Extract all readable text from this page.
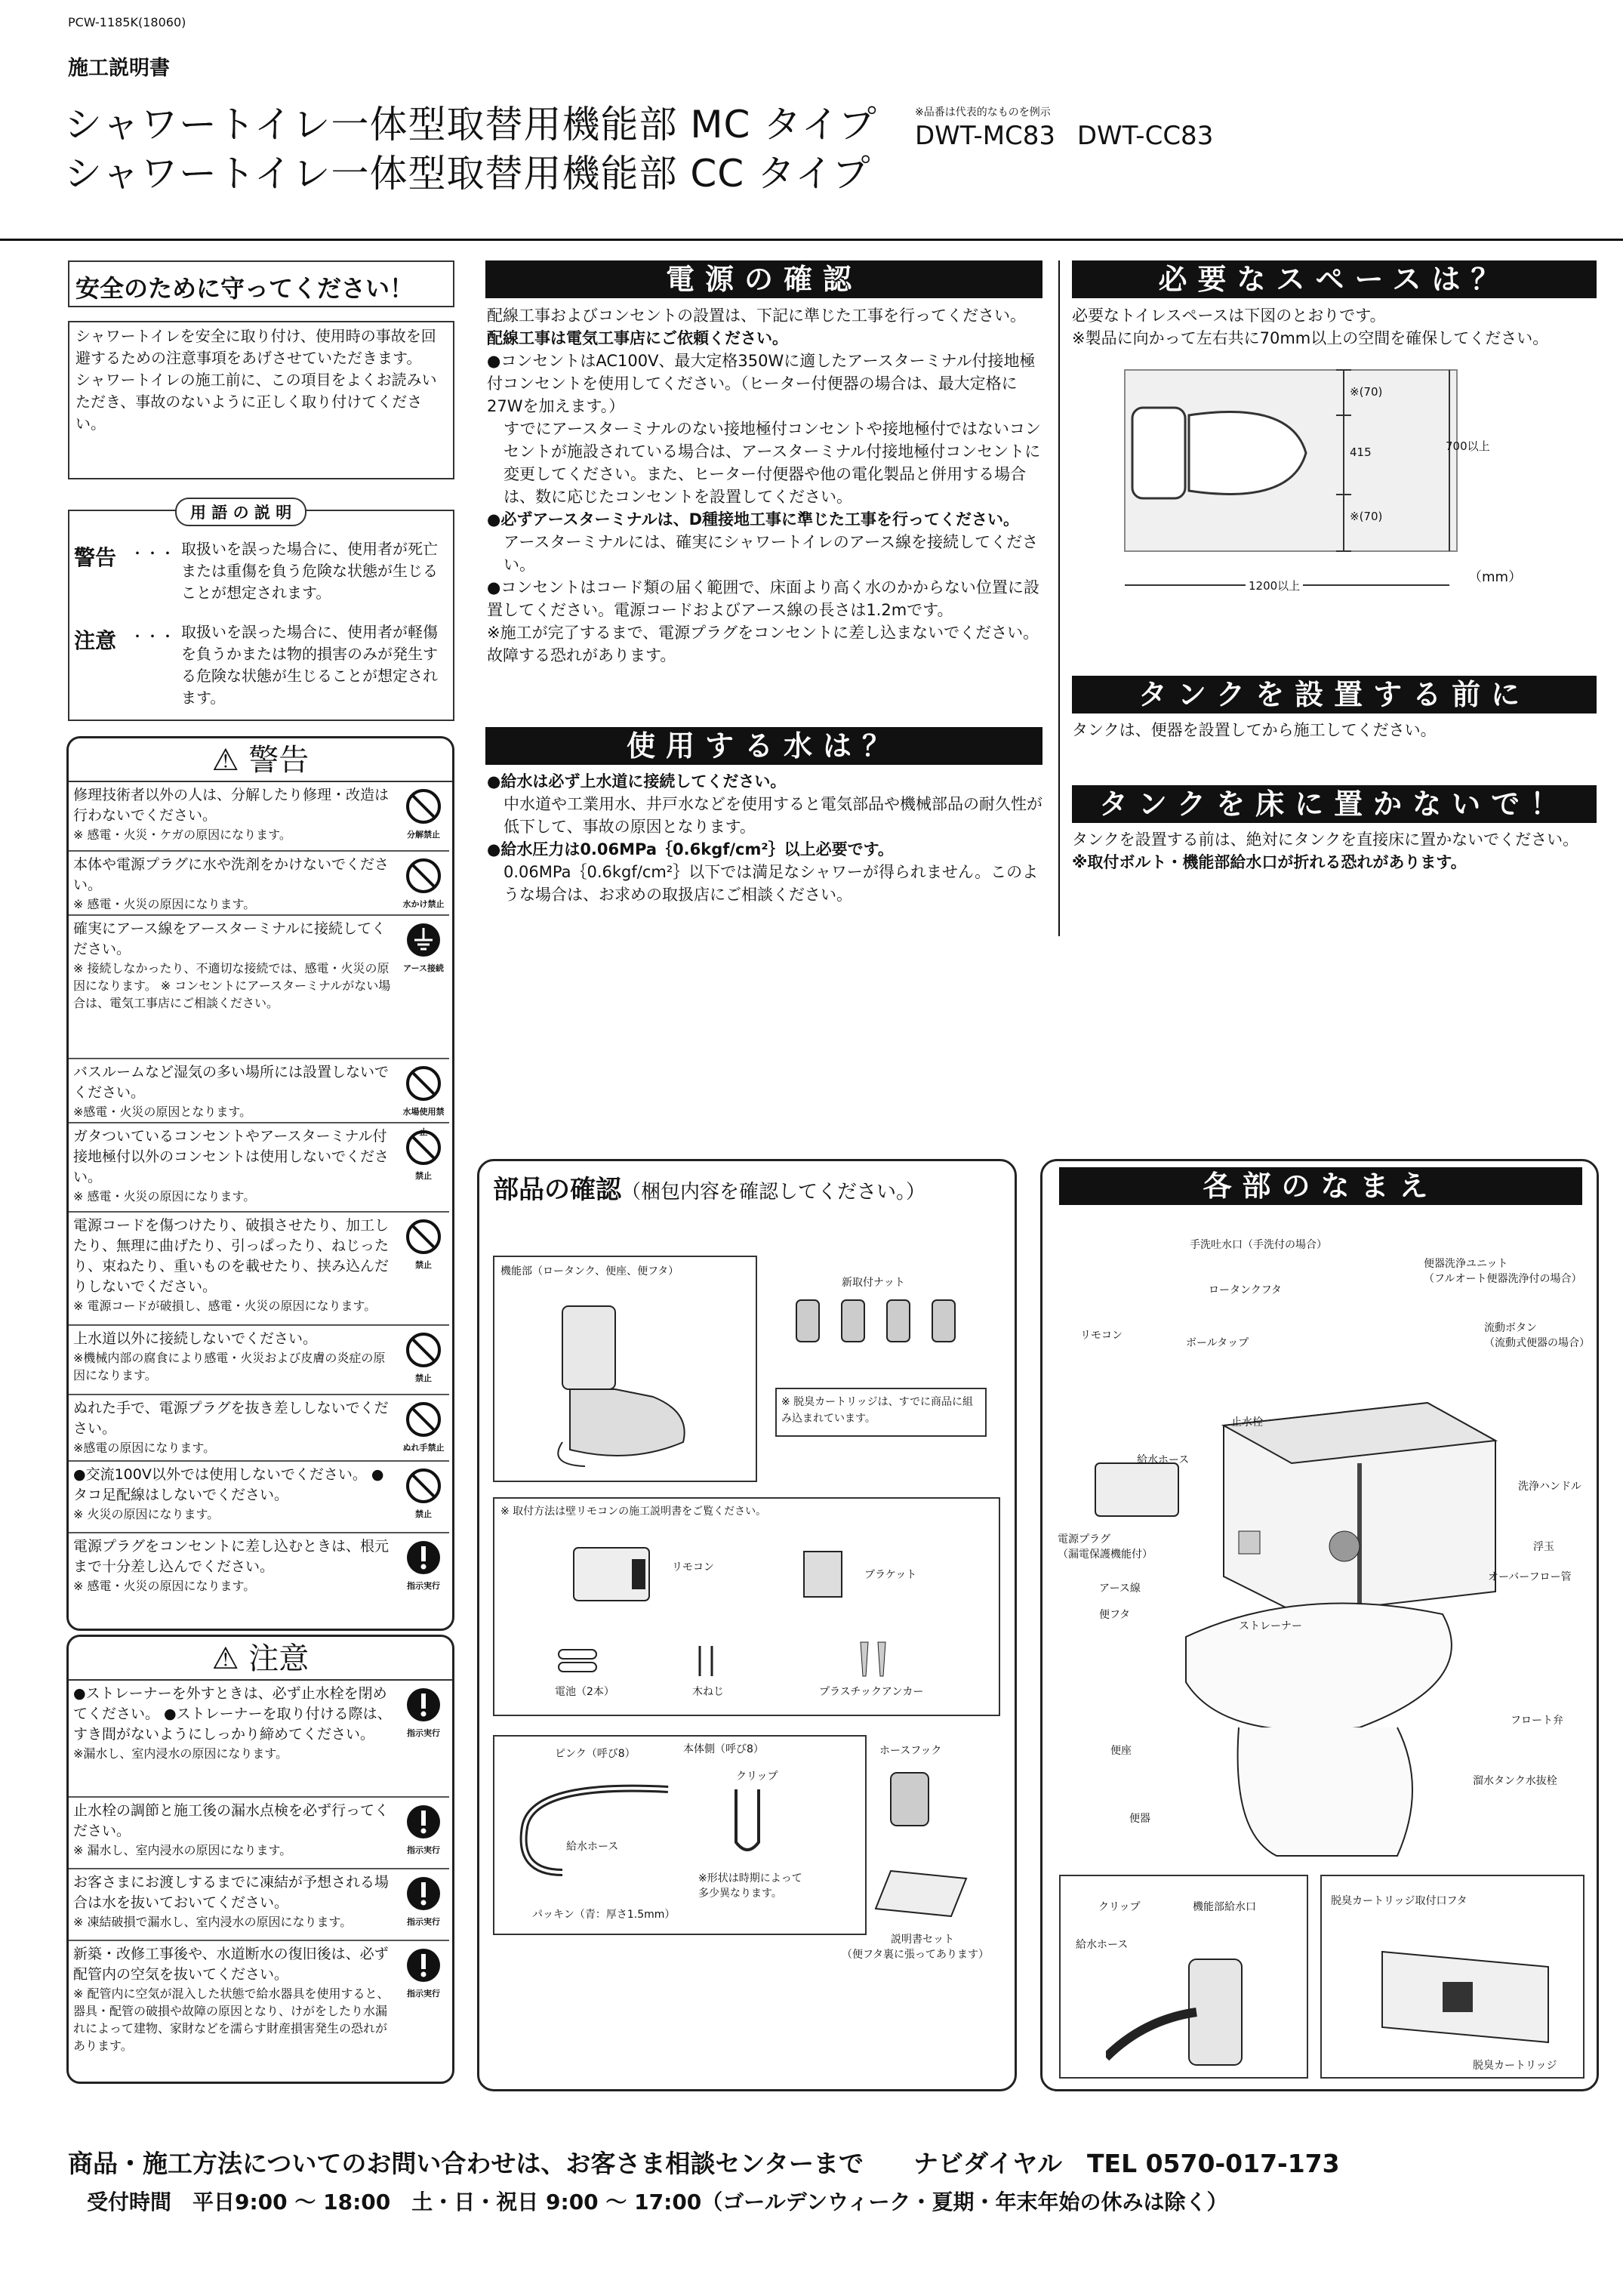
PCW-1185K(18060)
施工説明書
シャワートイレ一体型取替用機能部 MC タイプ
シャワートイレ一体型取替用機能部 CC タイプ
※品番は代表的なものを例示
DWT-MC83 DWT-CC83
安全のために守ってください！

シャワートイレを安全に取り付け、使用時の事故を回避するための注意事項をあげさせていただきます。

シャワートイレの施工前に、この項目をよくお読みいただき、事故のないように正しく取り付けてください。

用 語 の 説 明
警告 ・・・ 取扱いを誤った場合に、使用者が死亡または重傷を負う危険な状態が生じることが想定されます。
注意 ・・・ 取扱いを誤った場合に、使用者が軽傷を負うかまたは物的損害のみが発生する危険な状態が生じることが想定されます。
⚠ 警告
修理技術者以外の人は、分解したり修理・改造は行わないでください。
※ 感電・火災・ケガの原因になります。	分解禁止
本体や電源プラグに水や洗剤をかけないでください。
※ 感電・火災の原因になります。	水かけ禁止
確実にアース線をアースターミナルに接続してください。
※ 接続しなかったり、不適切な接続では、感電・火災の原因になります。 ※ コンセントにアースターミナルがない場合は、電気工事店にご相談ください。
アース接続
バスルームなど湿気の多い場所には設置しないでください。
※感電・火災の原因となります。	水場使用禁止
ガタついているコンセントやアースターミナル付接地極付以外のコンセントは使用しないでください。
※ 感電・火災の原因になります。
禁止
電源コードを傷つけたり、破損させたり、加工したり、無理に曲げたり、引っぱったり、ねじったり、束ねたり、重いものを載せたり、挟み込んだりしないでください。
※ 電源コードが破損し、感電・火災の原因になります。
禁止
上水道以外に接続しないでください。
※機械内部の腐食により感電・火災および皮膚の炎症の原因になります。	禁止
ぬれた手で、電源プラグを抜き差ししないでください。
※感電の原因になります。	ぬれ手禁止
●交流100V以外では使用しないでください。 ●タコ足配線はしないでください。
※ 火災の原因になります。	禁止
電源プラグをコンセントに差し込むときは、根元まで十分差し込んでください。
※ 感電・火災の原因になります。	指示実行
⚠ 注意
●ストレーナーを外すときは、必ず止水栓を閉めてください。 ●ストレーナーを取り付ける際は、すき間がないようにしっかり締めてください。
※漏水し、室内浸水の原因になります。
指示実行
止水栓の調節と施工後の漏水点検を必ず行ってください。
※ 漏水し、室内浸水の原因になります。	指示実行
お客さまにお渡しするまでに凍結が予想される場合は水を抜いておいてください。
※ 凍結破損で漏水し、室内浸水の原因になります。	指示実行
新築・改修工事後や、水道断水の復旧後は、必ず配管内の空気を抜いてください。
※ 配管内に空気が混入した状態で給水器具を使用すると、器具・配管の破損や故障の原因となり、けがをしたり水漏れによって建物、家財などを濡らす財産損害発生の恐れがあります。
指示実行
電源の確認

配線工事およびコンセントの設置は、下記に準じた工事を行ってください。

配線工事は電気工事店にご依頼ください。

●コンセントはAC100V、最大定格350Wに適したアースターミナル付接地極付コンセントを使用してください。（ヒーター付便器の場合は、最大定格に27Wを加えます。）

すでにアースターミナルのない接地極付コンセントや接地極付ではないコンセントが施設されている場合は、アースターミナル付接地極付コンセントに変更してください。また、ヒーター付便器や他の電化製品と併用する場合は、数に応じたコンセントを設置してください。

●必ずアースターミナルは、D種接地工事に準じた工事を行ってください。

アースターミナルには、確実にシャワートイレのアース線を接続してください。

●コンセントはコード類の届く範囲で、床面より高く水のかからない位置に設置してください。電源コードおよびアース線の長さは1.2mです。

※施工が完了するまで、電源プラグをコンセントに差し込まないでください。故障する恐れがあります。

使用する水は？

●給水は必ず上水道に接続してください。

中水道や工業用水、井戸水などを使用すると電気部品や機械部品の耐久性が低下して、事故の原因となります。

●給水圧力は0.06MPa｛0.6kgf/cm²｝以上必要です。

0.06MPa｛0.6kgf/cm²｝以下では満足なシャワーが得られません。このような場合は、お求めの取扱店にご相談ください。

必要なスペースは？

必要なトイレスペースは下図のとおりです。

※製品に向かって左右共に70mm以上の空間を確保してください。

※(70)
415
※(70)
700以上
1200以上
（mm）
タンクを設置する前に
タンクは、便器を設置してから施工してください。
タンクを床に置かないで！

タンクを設置する前は、絶対にタンクを直接床に置かないでください。

※取付ボルト・機能部給水口が折れる恐れがあります。

部品の確認（梱包内容を確認してください。）
機能部（ロータンク、便座、便フタ）
新取付ナット
※ 脱臭カートリッジは、すでに商品に組み込まれています。
※ 取付方法は壁リモコンの施工説明書をご覧ください。
リモコン
ブラケット
電池（2本）	木ねじ	プラスチックアンカー
ピンク（呼び8）	本体側（呼び8）
クリップ
給水ホース
パッキン（青：厚さ1.5mm）
※形状は時期によって多少異なります。
ホースフック
説明書セット
（便フタ裏に張ってあります）
各部のなまえ
手洗吐水口（手洗付の場合）
便器洗浄ユニット
（フルオート便器洗浄付の場合）
ロータンクフタ
リモコン
ボールタップ
流動ボタン
（流動式便器の場合）
止水栓
給水ホース
洗浄ハンドル
電源プラグ
（漏電保護機能付）
浮玉
オーバーフロー管
アース線
便フタ
ストレーナー
フロート弁
便座
溜水タンク水抜栓
便器
クリップ	機能部給水口
給水ホース
脱臭カートリッジ取付口フタ
脱臭カートリッジ
商品・施工方法についてのお問い合わせは、お客さま相談センターまで　　ナビダイヤル　TEL 0570-017-173
受付時間　平日9:00 ～ 18:00　土・日・祝日 9:00 ～ 17:00（ゴールデンウィーク・夏期・年末年始の休みは除く）
